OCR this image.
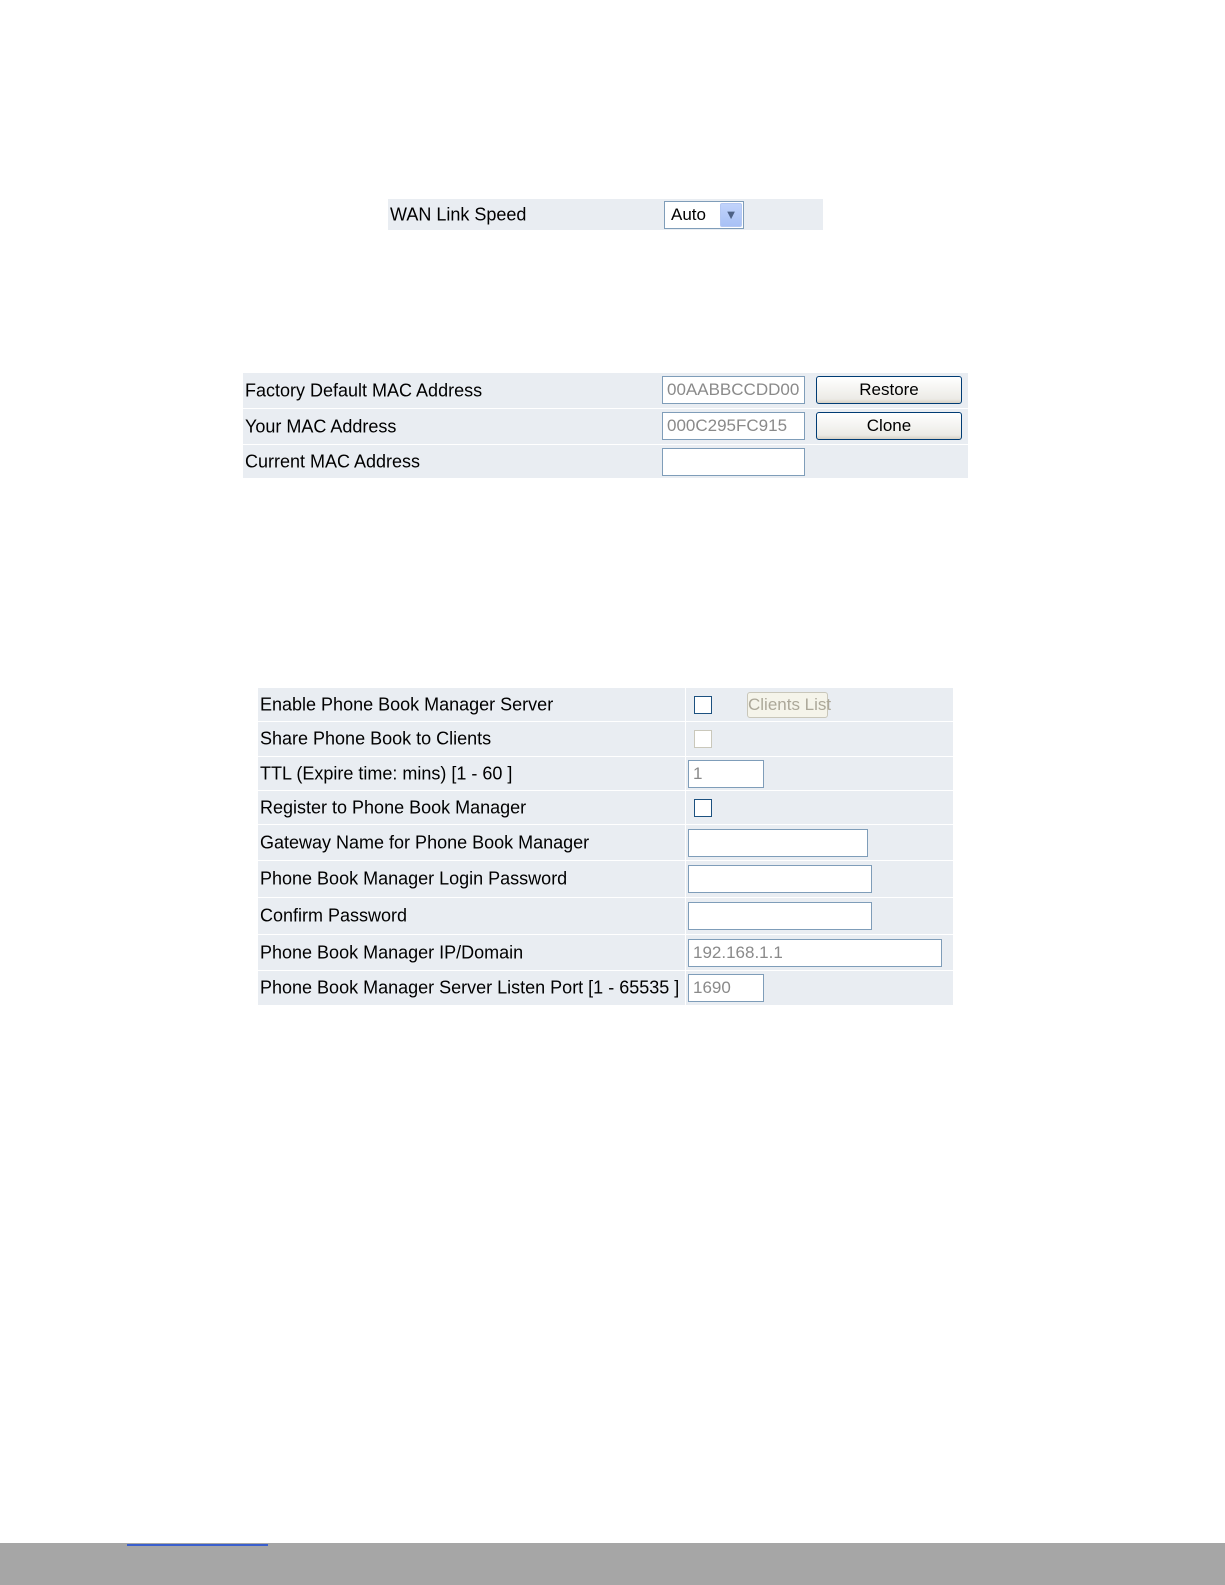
WAN Link Speed	Auto	▼
Factory Default MAC Address	00AABBCCDD00	Restore
Your MAC Address	000C295FC915	Clone
Current MAC Address
Enable Phone Book Manager Server	Clients List
Share Phone Book to Clients
TTL (Expire time: mins) [1 - 60 ]	1
Register to Phone Book Manager
Gateway Name for Phone Book Manager
Phone Book Manager Login Password
Confirm Password
Phone Book Manager IP/Domain	192.168.1.1
Phone Book Manager Server Listen Port [1 - 65535 ] 1690
